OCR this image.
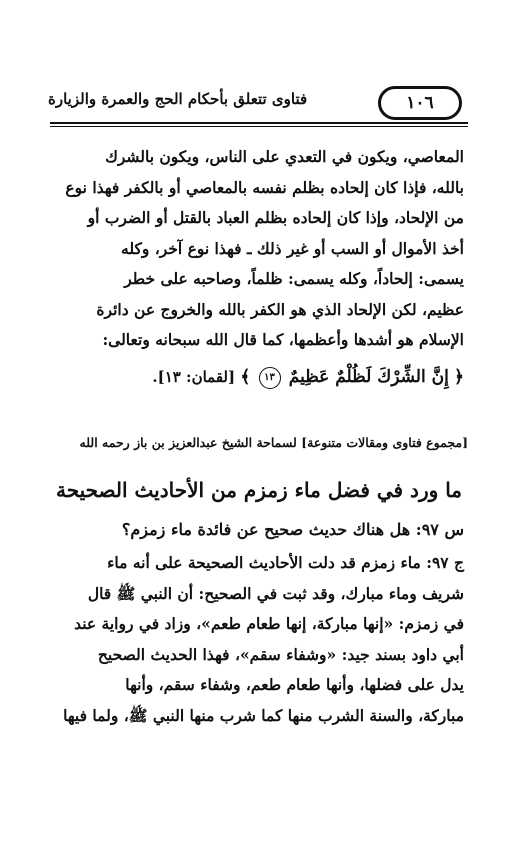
فتاوى تتعلق بأحكام الحج والعمرة والزيارة	١٠٦
المعاصي، ويكون في التعدي على الناس، ويكون بالشرك
بالله، فإذا كان إلحاده بظلم نفسه بالمعاصي أو بالكفر فهذا نوع
من الإلحاد، وإذا كان إلحاده بظلم العباد بالقتل أو الضرب أو
أخذ الأموال أو السب أو غير ذلك ـ فهذا نوع آخر، وكله
يسمى: إلحاداً، وكله يسمى: ظلماً، وصاحبه على خطر
عظيم، لكن الإلحاد الذي هو الكفر بالله والخروج عن دائرة
الإسلام هو أشدها وأعظمها، كما قال الله سبحانه وتعالى:
﴿ إِنَّ الشِّرْكَ لَظُلْمٌ عَظِيمٌ ١٣ ﴾ [لقمان: ١٣].
[مجموع فتاوى ومقالات متنوعة] لسماحة الشيخ عبدالعزيز بن باز رحمه الله
ما ورد في فضل ماء زمزم من الأحاديث الصحيحة
س ٩٧: هل هناك حديث صحيح عن فائدة ماء زمزم؟
ج ٩٧: ماء زمزم قد دلت الأحاديث الصحيحة على أنه ماء
شريف وماء مبارك، وقد ثبت في الصحيح: أن النبي ﷺ قال
في زمزم: «إنها مباركة، إنها طعام طعم»، وزاد في رواية عند
أبي داود بسند جيد: «وشفاء سقم»، فهذا الحديث الصحيح
يدل على فضلها، وأنها طعام طعم، وشفاء سقم، وأنها
مباركة، والسنة الشرب منها كما شرب منها النبي ﷺ، ولما فيها
